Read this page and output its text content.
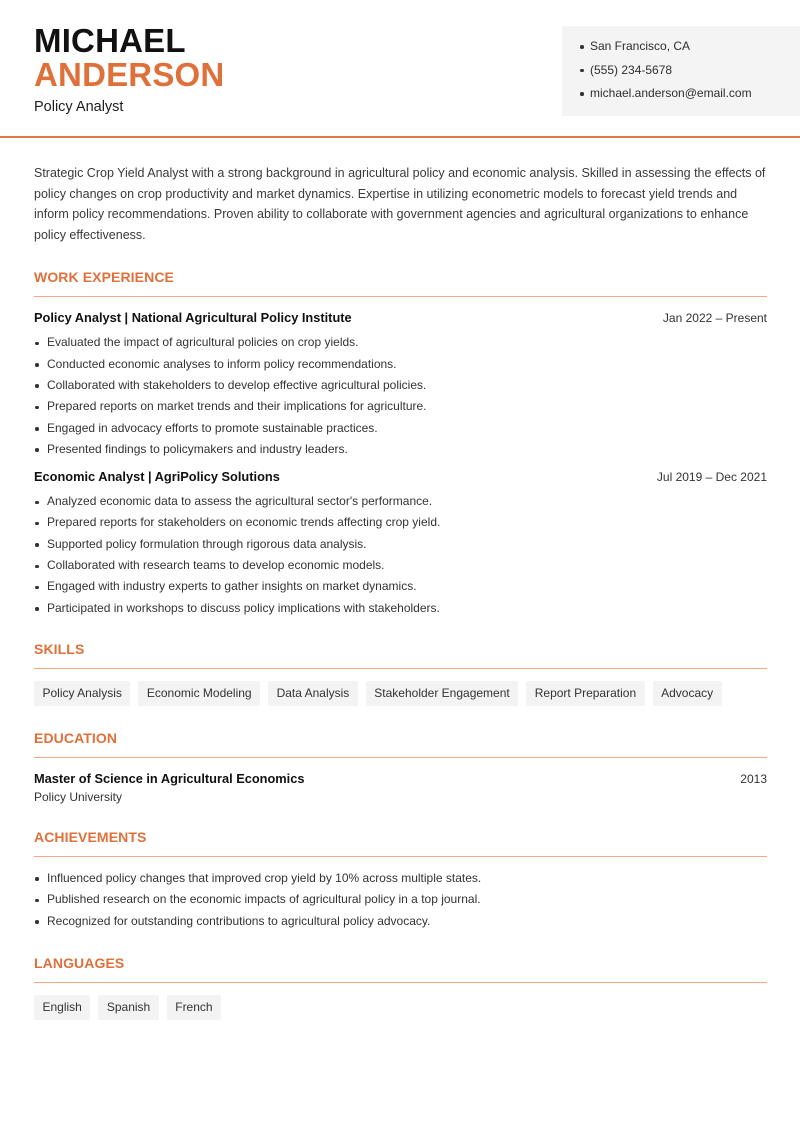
MICHAEL
ANDERSON
Policy Analyst
San Francisco, CA
(555) 234-5678
michael.anderson@email.com

Strategic Crop Yield Analyst with a strong background in agricultural policy and economic analysis. Skilled in assessing the effects of policy changes on crop productivity and market dynamics. Expertise in utilizing econometric models to forecast yield trends and inform policy recommendations. Proven ability to collaborate with government agencies and agricultural organizations to enhance policy effectiveness.

WORK EXPERIENCE
Policy Analyst | National Agricultural Policy Institute	Jan 2022 – Present
Evaluated the impact of agricultural policies on crop yields.
Conducted economic analyses to inform policy recommendations.
Collaborated with stakeholders to develop effective agricultural policies.
Prepared reports on market trends and their implications for agriculture.
Engaged in advocacy efforts to promote sustainable practices.
Presented findings to policymakers and industry leaders.
Economic Analyst | AgriPolicy Solutions	Jul 2019 – Dec 2021
Analyzed economic data to assess the agricultural sector's performance.
Prepared reports for stakeholders on economic trends affecting crop yield.
Supported policy formulation through rigorous data analysis.
Collaborated with research teams to develop economic models.
Engaged with industry experts to gather insights on market dynamics.
Participated in workshops to discuss policy implications with stakeholders.
SKILLS
Policy Analysis	Economic Modeling	Data Analysis	Stakeholder Engagement	Report Preparation	Advocacy
EDUCATION
Master of Science in Agricultural Economics	2013
Policy University
ACHIEVEMENTS
Influenced policy changes that improved crop yield by 10% across multiple states.
Published research on the economic impacts of agricultural policy in a top journal.
Recognized for outstanding contributions to agricultural policy advocacy.
LANGUAGES
English	Spanish	French
